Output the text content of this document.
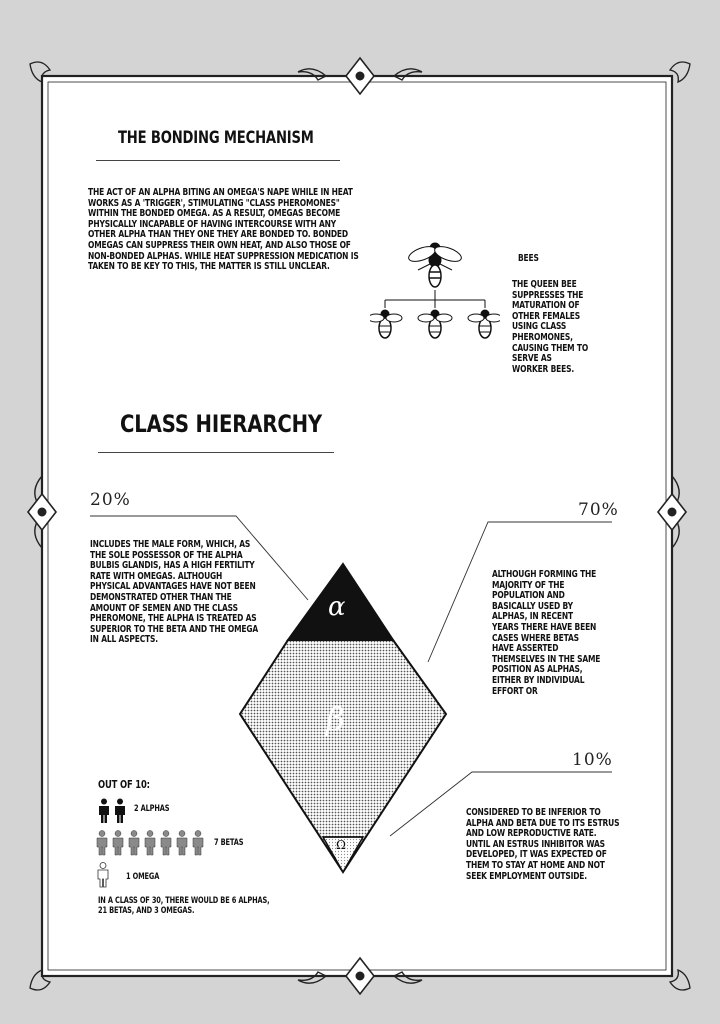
THE BONDING MECHANISM
THE ACT OF AN ALPHA BITING AN OMEGA'S NAPE WHILE IN HEAT WORKS AS A 'TRIGGER', STIMULATING "CLASS PHEROMONES" WITHIN THE BONDED OMEGA. AS A RESULT, OMEGAS BECOME PHYSICALLY INCAPABLE OF HAVING INTERCOURSE WITH ANY OTHER ALPHA THAN THEY ONE THEY ARE BONDED TO. BONDED OMEGAS CAN SUPPRESS THEIR OWN HEAT, AND ALSO THOSE OF NON-BONDED ALPHAS. WHILE HEAT SUPPRESSION MEDICATION IS TAKEN TO BE KEY TO THIS, THE MATTER IS STILL UNCLEAR.
BEES
THE QUEEN BEE SUPPRESSES THE MATURATION OF OTHER FEMALES USING CLASS PHEROMONES, CAUSING THEM TO SERVE AS WORKER BEES.
CLASS HIERARCHY
20%	70%
10%
α
β
Ω
INCLUDES THE MALE FORM, WHICH, AS THE SOLE POSSESSOR OF THE ALPHA BULBIS GLANDIS, HAS A HIGH FERTILITY RATE WITH OMEGAS. ALTHOUGH PHYSICAL ADVANTAGES HAVE NOT BEEN DEMONSTRATED OTHER THAN THE AMOUNT OF SEMEN AND THE CLASS PHEROMONE, THE ALPHA IS TREATED AS SUPERIOR TO THE BETA AND THE OMEGA IN ALL ASPECTS.
ALTHOUGH FORMING THE MAJORITY OF THE POPULATION AND BASICALLY USED BY ALPHAS, IN RECENT YEARS THERE HAVE BEEN CASES WHERE BETAS HAVE ASSERTED THEMSELVES IN THE SAME POSITION AS ALPHAS, EITHER BY INDIVIDUAL EFFORT OR
CONSIDERED TO BE INFERIOR TO ALPHA AND BETA DUE TO ITS ESTRUS AND LOW REPRODUCTIVE RATE. UNTIL AN ESTRUS INHIBITOR WAS DEVELOPED, IT WAS EXPECTED OF THEM TO STAY AT HOME AND NOT SEEK EMPLOYMENT OUTSIDE.
OUT OF 10:
2 ALPHAS
7 BETAS
1 OMEGA
IN A CLASS OF 30, THERE WOULD BE 6 ALPHAS, 21 BETAS, AND 3 OMEGAS.
